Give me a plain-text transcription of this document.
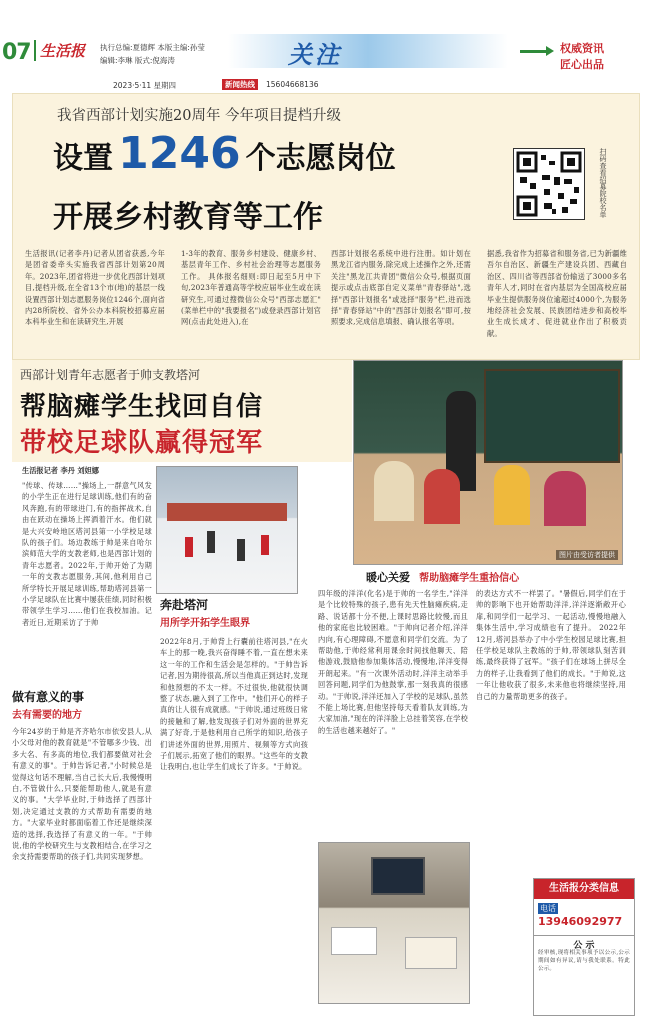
07 生活报 执行总编:夏德辉 本版主编:孙莹
编辑:李琳 版式:倪海涛	关注	权威资讯
匠心出品
2023·5·11 星期四	新闻热线	15604668136
我省西部计划实施20周年 今年项目提档升级
设置 1246 个志愿岗位
开展乡村教育等工作	扫码查看招募院校名单
生活报讯(记者李丹)记者从团省获悉,今年是团省委牵头实施我省西部计划第20周年。2023年,团省将进一步优化西部计划项目,提档升级,在全省13个市(地)的基层一线设置西部计划志愿服务岗位1246个,面向省内28所院校、省外公办本科院校招募应届本科毕业生和在读研究生,开展
1-3年的教育、服务乡村建设、健康乡村、基层青年工作、乡村社会治理等志愿服务工作。 具体报名细则:即日起至5月中下旬,2023年普通高等学校应届毕业生或在读研究生,可通过搜微信公众号"西部志愿汇"(菜单栏中的"我要报名")或登录西部计划官网(点击此处进入),在
西部计划报名系统中进行注册。如计划在黑龙江省内服务,除完成上述操作之外,还需关注"黑龙江共青团"微信公众号,根据页面提示或点击底部自定义菜单"青春驿站",选择"西部计划报名"或选择"服务"栏,进而选择"青春驿站"中的"西部计划报名"即可,按照要求,完成信息填报、确认报名等项。
据悉,我省作为招募省和服务省,已为新疆维吾尔自治区、新疆生产建设兵团、西藏自治区、四川省等西部省份输送了3000多名青年人才,同时在省内基层为全国高校应届毕业生提供服务岗位逾超过4000个,为服务地经济社会发展、民族团结进步和高校毕业生成长成才、促进就业作出了积极贡献。
西部计划青年志愿者于帅支教塔河
帮脑瘫学生找回自信
带校足球队赢得冠军
图片由受访者提供
生活报记者 李丹 刘妲娜
"传球、传球……"操场上,一群意气风发的小学生正在进行足球训练,他们有的奋风奔跑,有的带球进门,有的指挥战术,自由在跃动在操场上挥洒着汗水。他们就是大兴安岭地区塔河县第一小学校足球队的孩子们。场边教练于帅是来自哈尔滨师范大学的支教老师,也是西部计划的青年志愿者。2022年,于帅开始了为期一年的支教志愿服务,其间,他利用自己所学特长开展足球训练,帮助塔河县第一小学足球队在比赛中屡获佳绩,同时积极带领学生学习……他们在我校加油。记者近日,近期采访了于帅
做有意义的事
去有需要的地方
今年24岁的于帅是齐齐哈尔市依安县人,从小父母对他的教育就是"不管哪多少钱、出多大名、有多高的地位,我们都要做对社会有意义的事"。于帅告诉记者,"小时候总是觉得这句话不理解,当自己长大后,我慢慢明白,不管做什么,只要能帮助他人,就是有意义的事。"大学毕业时,于帅选择了西部计划,决定通过支教的方式帮助有需要的地方。"大家毕业时都面临着工作还是继续深造的选择,我选择了有意义的一年。"于帅说,他的学校研究生与支教相结合,在学习之余支持需要帮助的孩子们,共同实现梦想。
奔赴塔河
用所学开拓学生眼界
2022年8月,于帅背上行囊前往塔河县,"在火车上的那一晚,我兴奋得睡不着,一直在想未来这一年的工作和生活会是怎样的。"于帅告诉记者,因为期待很高,所以当他真正到达时,发现和他预想的不太一样。不过很快,他就很快调整了状态,融入到了工作中。"他们开心的样子真的让人很有成就感。"于帅说,通过班级日常的接触和了解,他发现孩子们对外面的世界充满了好奇,于是他利用自己所学的知识,给孩子们讲述外面的世界,用照片、视频等方式向孩子们展示,拓宽了他们的眼界。"这些年的支教让我明白,也让学生们成长了许多。"于帅说。
暖心关爱 帮助脑瘫学生重拾信心
四年级的洋洋(化名)是于帅的一名学生,"洋洋是个比较特殊的孩子,患有先天性脑瘫疾病,走路、说话都十分不便,上课时思路比较慢,而且他的家庭也比较困难。"于帅向记者介绍,洋洋内向,有心理障碍,不愿意和同学们交流。为了帮助他,于帅经常利用课余时间找他聊天、陪他游戏,鼓励他参加集体活动,慢慢地,洋洋变得开朗起来。"有一次课外活动时,洋洋主动举手回答问题,同学们为他鼓掌,那一刻我真的很感动。"于帅说,洋洋还加入了学校的足球队,虽然不能上场比赛,但他坚持每天看着队友训练,为大家加油,"现在的洋洋脸上总挂着笑容,在学校的生活也越来越好了。"
的表达方式不一样罢了。"暑假后,同学们在于帅的影响下也开始帮助洋洋,洋洋逐渐敞开心扉,和同学们一起学习、一起活动,慢慢地融入集体生活中,学习成绩也有了提升。 2022年12月,塔河县举办了中小学生校园足球比赛,担任学校足球队主教练的于帅,带领球队刻苦训练,最终获得了冠军。"孩子们在球场上拼尽全力的样子,让我看到了他们的成长。"于帅说,这一年让他收获了很多,未来他也将继续坚持,用自己的力量帮助更多的孩子。
生活报分类信息
电话
13946092977
公 示
经审核,现将相关事项予以公示,公示期间如有异议,请与我处联系。特此公示。
